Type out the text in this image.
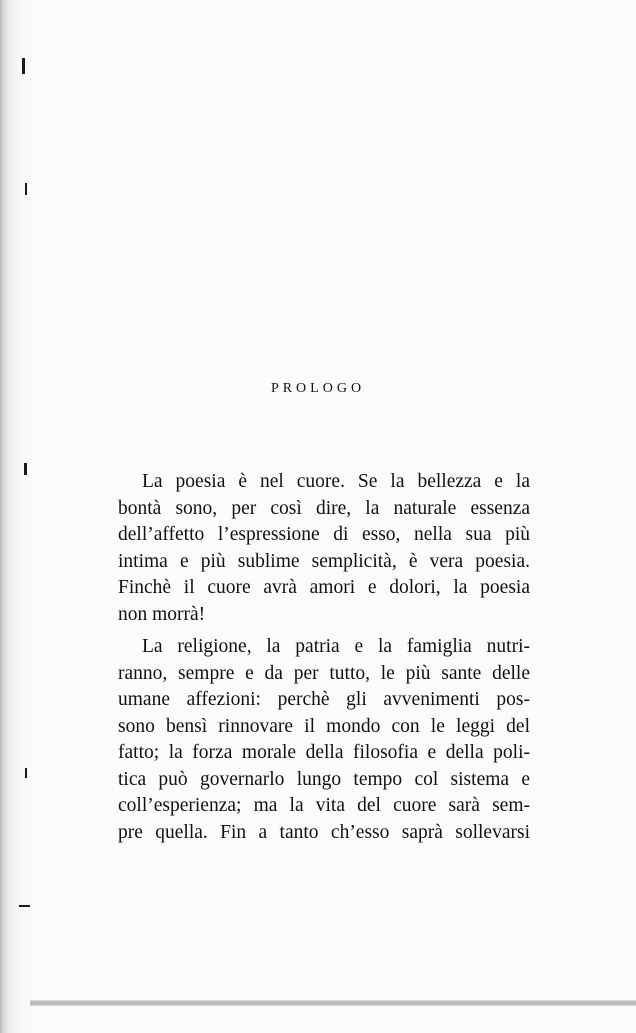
PROLOGO
La poesia è nel cuore. Se la bellezza e la
bontà sono, per così dire, la naturale essenza
dell’affetto l’espressione di esso, nella sua più
intima e più sublime semplicità, è vera poesia.
Finchè il cuore avrà amori e dolori, la poesia
non morrà!
La religione, la patria e la famiglia nutri-
ranno, sempre e da per tutto, le più sante delle
umane affezioni: perchè gli avvenimenti pos-
sono bensì rinnovare il mondo con le leggi del
fatto; la forza morale della filosofia e della poli-
tica può governarlo lungo tempo col sistema e
coll’esperienza; ma la vita del cuore sarà sem-
pre quella. Fin a tanto ch’esso saprà sollevarsi
